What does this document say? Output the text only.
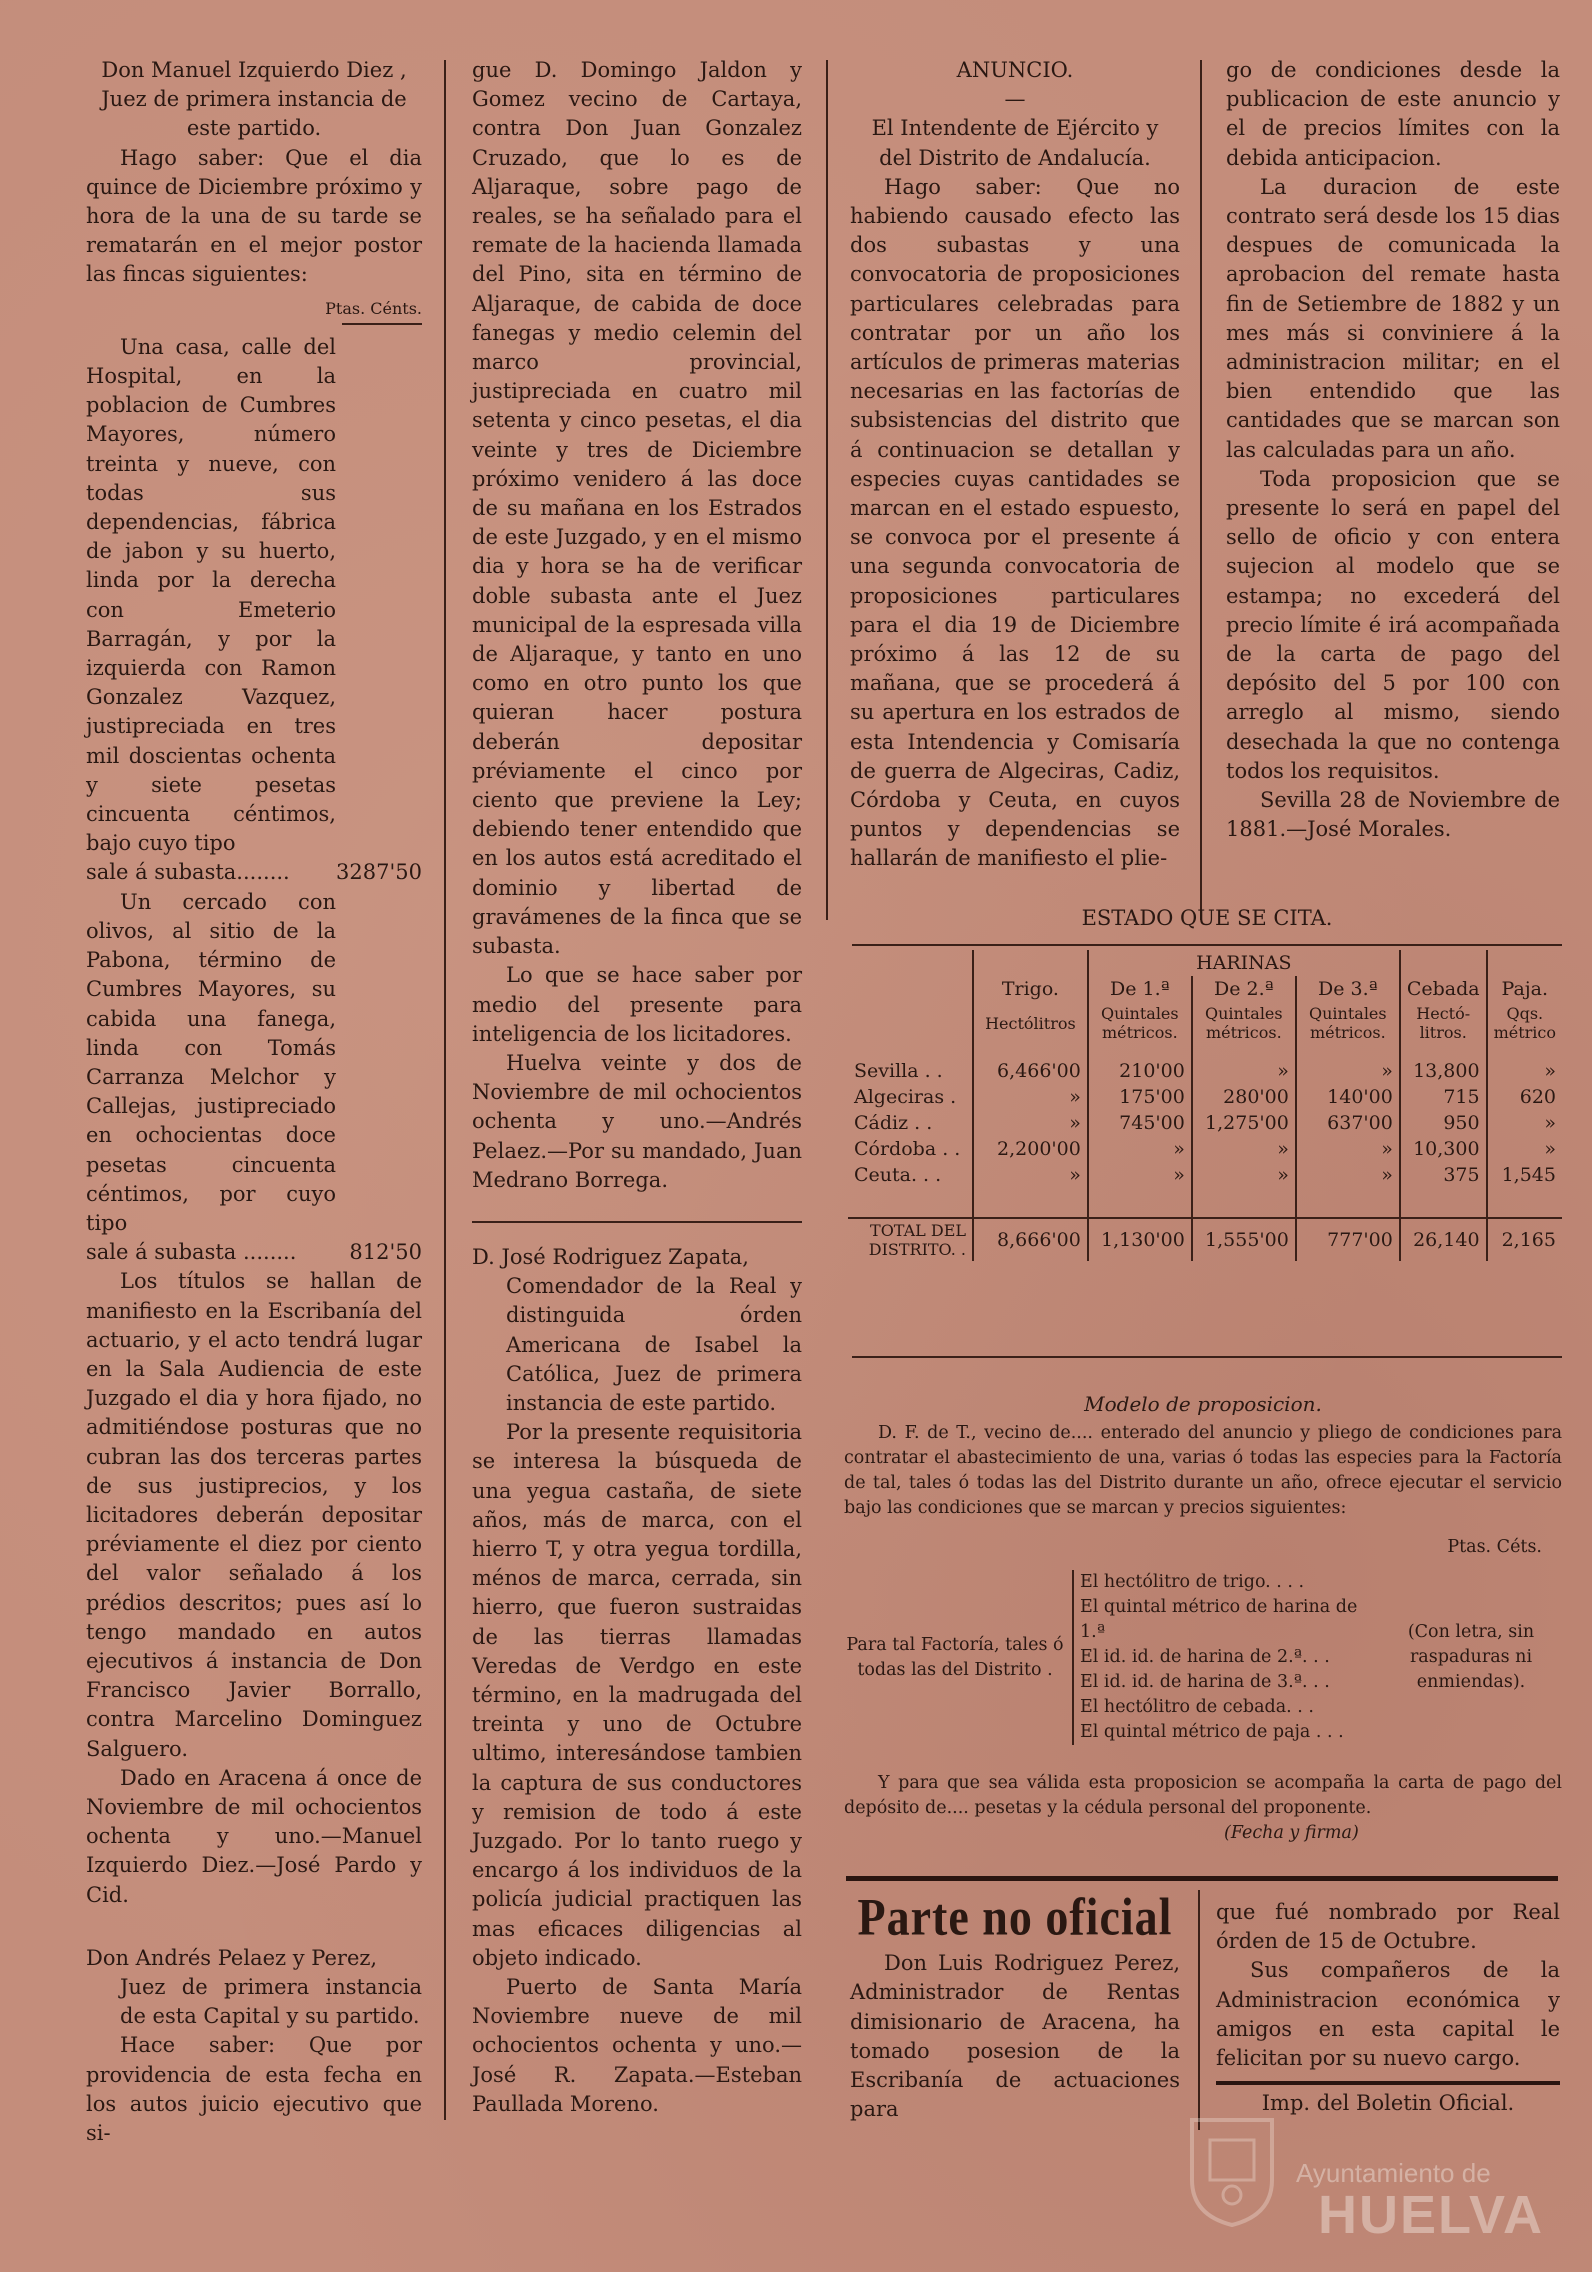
Don Manuel Izquierdo Diez ,

Juez de primera instancia de este partido.

Hago saber: Que el dia quince de Diciembre próximo y hora de la una de su tarde se rematarán en el mejor postor las fincas siguientes:

Ptas. Cénts.

Una casa, calle del Hospital, en la poblacion de Cumbres Mayores, número treinta y nueve, con todas sus dependencias, fábrica de jabon y su huerto, linda por la derecha con Emeterio Barragán, y por la izquierda con Ramon Gonzalez Vazquez, justipreciada en tres mil doscientas ochenta y siete pesetas cincuenta céntimos, bajo cuyo tipo

sale á subasta........ 3287'50

Un cercado con olivos, al sitio de la Pabona, término de Cumbres Mayores, su cabida una fanega, linda con Tomás Carranza Melchor y Callejas, justipreciado en ochocientas doce pesetas cincuenta céntimos, por cuyo tipo

sale á subasta ........	812'50

Los títulos se hallan de manifiesto en la Escribanía del actuario, y el acto tendrá lugar en la Sala Audiencia de este Juzgado el dia y hora fijado, no admitiéndose posturas que no cubran las dos terceras partes de sus justiprecios, y los licitadores deberán depositar préviamente el diez por ciento del valor señalado á los prédios descritos; pues así lo tengo mandado en autos ejecutivos á instancia de Don Francisco Javier Borrallo, contra Marcelino Dominguez Salguero.

Dado en Aracena á once de Noviembre de mil ochocientos ochenta y uno.—Manuel Izquierdo Diez.—José Pardo y Cid.

Don Andrés Pelaez y Perez,

Juez de primera instancia de esta Capital y su partido.

Hace saber: Que por providencia de esta fecha en los autos juicio ejecutivo que si-

gue D. Domingo Jaldon y Gomez vecino de Cartaya, contra Don Juan Gonzalez Cruzado, que lo es de Aljaraque, sobre pago de reales, se ha señalado para el remate de la hacienda llamada del Pino, sita en término de Aljaraque, de cabida de doce fanegas y medio celemin del marco provincial, justipreciada en cuatro mil setenta y cinco pesetas, el dia veinte y tres de Diciembre próximo venidero á las doce de su mañana en los Estrados de este Juzgado, y en el mismo dia y hora se ha de verificar doble subasta ante el Juez municipal de la espresada villa de Aljaraque, y tanto en uno como en otro punto los que quieran hacer postura deberán depositar préviamente el cinco por ciento que previene la Ley; debiendo tener entendido que en los autos está acreditado el dominio y libertad de gravámenes de la finca que se subasta.

Lo que se hace saber por medio del presente para inteligencia de los licitadores.

Huelva veinte y dos de Noviembre de mil ochocientos ochenta y uno.—Andrés Pelaez.—Por su mandado, Juan Medrano Borrega.

D. José Rodriguez Zapata,

Comendador de la Real y distinguida órden Americana de Isabel la Católica, Juez de primera instancia de este partido.

Por la presente requisitoria se interesa la búsqueda de una yegua castaña, de siete años, más de marca, con el hierro T, y otra yegua tordilla, ménos de marca, cerrada, sin hierro, que fueron sustraidas de las tierras llamadas Veredas de Verdgo en este término, en la madrugada del treinta y uno de Octubre ultimo, interesándose tambien la captura de sus conductores y remision de todo á este Juzgado. Por lo tanto ruego y encargo á los individuos de la policía judicial practiquen las mas eficaces diligencias al objeto indicado.

Puerto de Santa María Noviembre nueve de mil ochocientos ochenta y uno.—José R. Zapata.—Esteban Paullada Moreno.

ANUNCIO.

—

El Intendente de Ejército y del Distrito de Andalucía.

Hago saber: Que no habiendo causado efecto las dos subastas y una convocatoria de proposiciones particulares celebradas para contratar por un año los artículos de primeras materias necesarias en las factorías de subsistencias del distrito que á continuacion se detallan y especies cuyas cantidades se marcan en el estado espuesto, se convoca por el presente á una segunda convocatoria de proposiciones particulares para el dia 19 de Diciembre próximo á las 12 de su mañana, que se procederá á su apertura en los estrados de esta Intendencia y Comisaría de guerra de Algeciras, Cadiz, Córdoba y Ceuta, en cuyos puntos y dependencias se hallarán de manifiesto el plie-

go de condiciones desde la publicacion de este anuncio y el de precios límites con la debida anticipacion.

La duracion de este contrato será desde los 15 dias despues de comunicada la aprobacion del remate hasta fin de Setiembre de 1882 y un mes más si conviniere á la administracion militar; en el bien entendido que las cantidades que se marcan son las calculadas para un año.

Toda proposicion que se presente lo será en papel del sello de oficio y con entera sujecion al modelo que se estampa; no excederá del precio límite é irá acompañada de la carta de pago del depósito del 5 por 100 con arreglo al mismo, siendo desechada la que no contenga todos los requisitos.

Sevilla 28 de Noviembre de 1881.—José Morales.

ESTADO QUE SE CITA.
		HARINAS				
	Trigo.	De 1.ª	De 2.ª	De 3.ª	Cebada	Paja.
	Hectólitros	Quintales métricos.	Quintales métricos.	Quintales métricos.	Hectó- litros.	Qqs. métrico

Sevilla . .	6,466'00	210'00	»	»	13,800	»
Algeciras .	»	175'00	280'00	140'00	715	620
Cádiz . .	»	745'00	1,275'00	637'00	950	»
Córdoba . .	2,200'00	»	»	»	10,300	»
Ceuta. . .	»	»	»	»	375	1,545

TOTAL DEL DISTRITO. .	8,666'00	1,130'00	1,555'00	777'00	26,140	2,165

Modelo de proposicion.

D. F. de T., vecino de.... enterado del anuncio y pliego de condiciones para contratar el abastecimiento de una, varias ó todas las especies para la Factoría de tal, tales ó todas las del Distrito durante un año, ofrece ejecutar el servicio bajo las condiciones que se marcan y precios siguientes:

Ptas. Céts.

Para tal Factoría, tales ó todas las del Distrito .
El hectólitro de trigo. . . .
El quintal métrico de harina de 1.ª
El id. id. de harina de 2.ª. . .
El id. id. de harina de 3.ª. . .
El hectólitro de cebada. . .
El quintal métrico de paja . . .
(Con letra, sin raspaduras ni enmiendas).

Y para que sea válida esta proposicion se acompaña la carta de pago del depósito de.... pesetas y la cédula personal del proponente.

(Fecha y firma)

Parte no oficial

Don Luis Rodriguez Perez, Administrador de Rentas dimisionario de Aracena, ha tomado posesion de la Escribanía de actuaciones para

que fué nombrado por Real órden de 15 de Octubre.

Sus compañeros de la Administracion económica y amigos en esta capital le felicitan por su nuevo cargo.

Imp. del Boletin Oficial.

Ayuntamiento de
HUELVA
